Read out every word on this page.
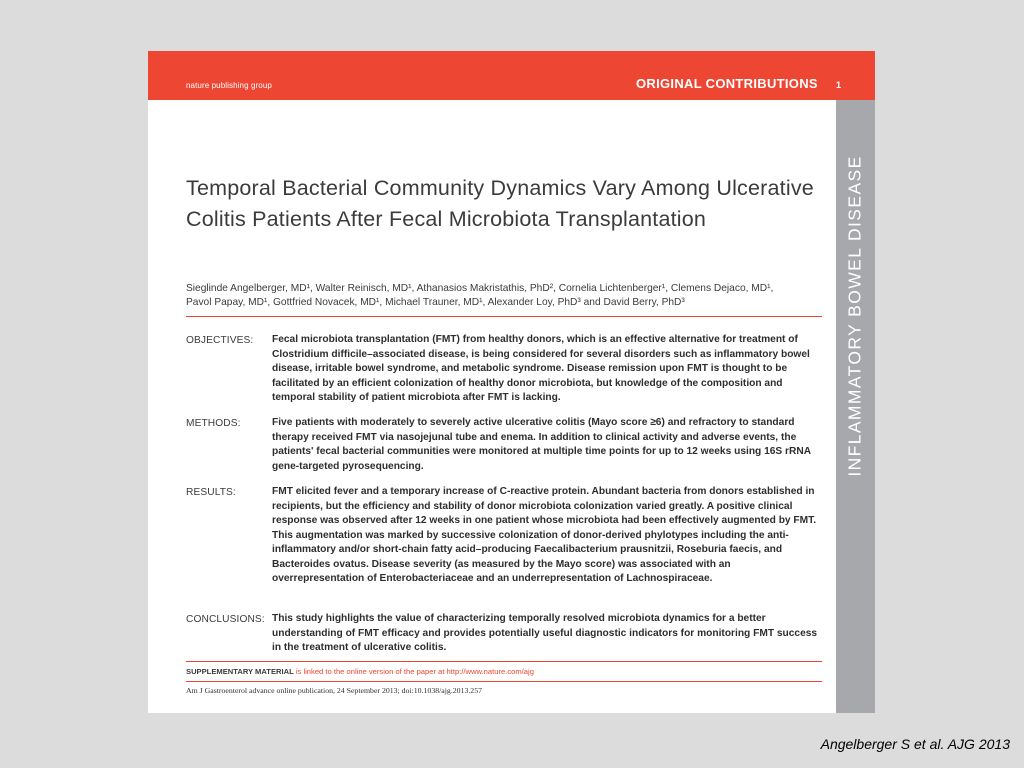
nature publishing group	ORIGINAL CONTRIBUTIONS 1
INFLAMMATORY BOWEL DISEASE
Temporal Bacterial Community Dynamics Vary Among Ulcerative Colitis Patients After Fecal Microbiota Transplantation
Sieglinde Angelberger, MD¹, Walter Reinisch, MD¹, Athanasios Makristathis, PhD², Cornelia Lichtenberger¹, Clemens Dejaco, MD¹,
Pavol Papay, MD¹, Gottfried Novacek, MD¹, Michael Trauner, MD¹, Alexander Loy, PhD³ and David Berry, PhD³
OBJECTIVES: Fecal microbiota transplantation (FMT) from healthy donors, which is an effective alternative for treatment of Clostridium difficile–associated disease, is being considered for several disorders such as inflammatory bowel disease, irritable bowel syndrome, and metabolic syndrome. Disease remission upon FMT is thought to be facilitated by an efficient colonization of healthy donor microbiota, but knowledge of the composition and temporal stability of patient microbiota after FMT is lacking.
METHODS:	Five patients with moderately to severely active ulcerative colitis (Mayo score ≥6) and refractory to standard therapy received FMT via nasojejunal tube and enema. In addition to clinical activity and adverse events, the patients' fecal bacterial communities were monitored at multiple time points for up to 12 weeks using 16S rRNA gene-targeted pyrosequencing.
RESULTS:	FMT elicited fever and a temporary increase of C-reactive protein. Abundant bacteria from donors established in recipients, but the efficiency and stability of donor microbiota colonization varied greatly. A positive clinical response was observed after 12 weeks in one patient whose microbiota had been effectively augmented by FMT. This augmentation was marked by successive colonization of donor-derived phylotypes including the anti-inflammatory and/or short-chain fatty acid–producing Faecalibacterium prausnitzii, Roseburia faecis, and Bacteroides ovatus. Disease severity (as measured by the Mayo score) was associated with an overrepresentation of Enterobacteriaceae and an underrepresentation of Lachnospiraceae.
CONCLUSIONS: This study highlights the value of characterizing temporally resolved microbiota dynamics for a better understanding of FMT efficacy and provides potentially useful diagnostic indicators for monitoring FMT success in the treatment of ulcerative colitis.
SUPPLEMENTARY MATERIAL is linked to the online version of the paper at http://www.nature.com/ajg
Am J Gastroenterol advance online publication, 24 September 2013; doi:10.1038/ajg.2013.257
Angelberger S et al. AJG 2013
